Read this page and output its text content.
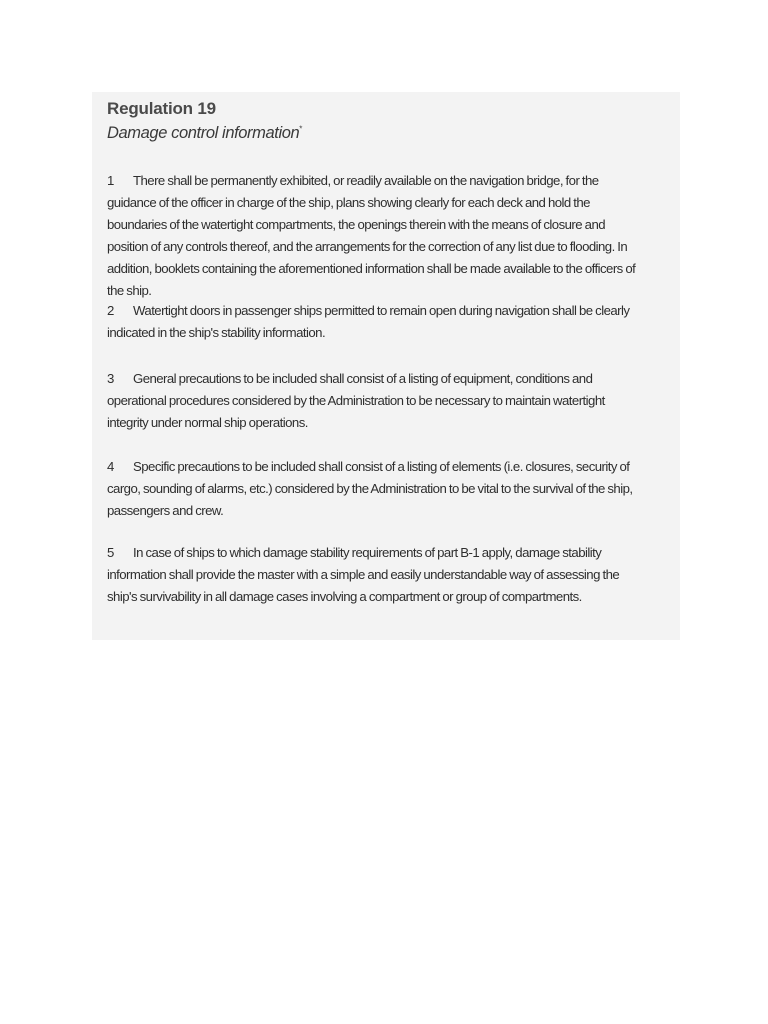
Regulation 19
Damage control information*

1 There shall be permanently exhibited, or readily available on the navigation bridge, for the guidance of the officer in charge of the ship, plans showing clearly for each deck and hold the boundaries of the watertight compartments, the openings therein with the means of closure and position of any controls thereof, and the arrangements for the correction of any list due to flooding. In addition, booklets containing the aforementioned information shall be made available to the officers of the ship.

2 Watertight doors in passenger ships permitted to remain open during navigation shall be clearly indicated in the ship's stability information.

3 General precautions to be included shall consist of a listing of equipment, conditions and operational procedures considered by the Administration to be necessary to maintain watertight integrity under normal ship operations.

4 Specific precautions to be included shall consist of a listing of elements (i.e. closures, security of cargo, sounding of alarms, etc.) considered by the Administration to be vital to the survival of the ship, passengers and crew.

5 In case of ships to which damage stability requirements of part B-1 apply, damage stability information shall provide the master with a simple and easily understandable way of assessing the ship's survivability in all damage cases involving a compartment or group of compartments.
